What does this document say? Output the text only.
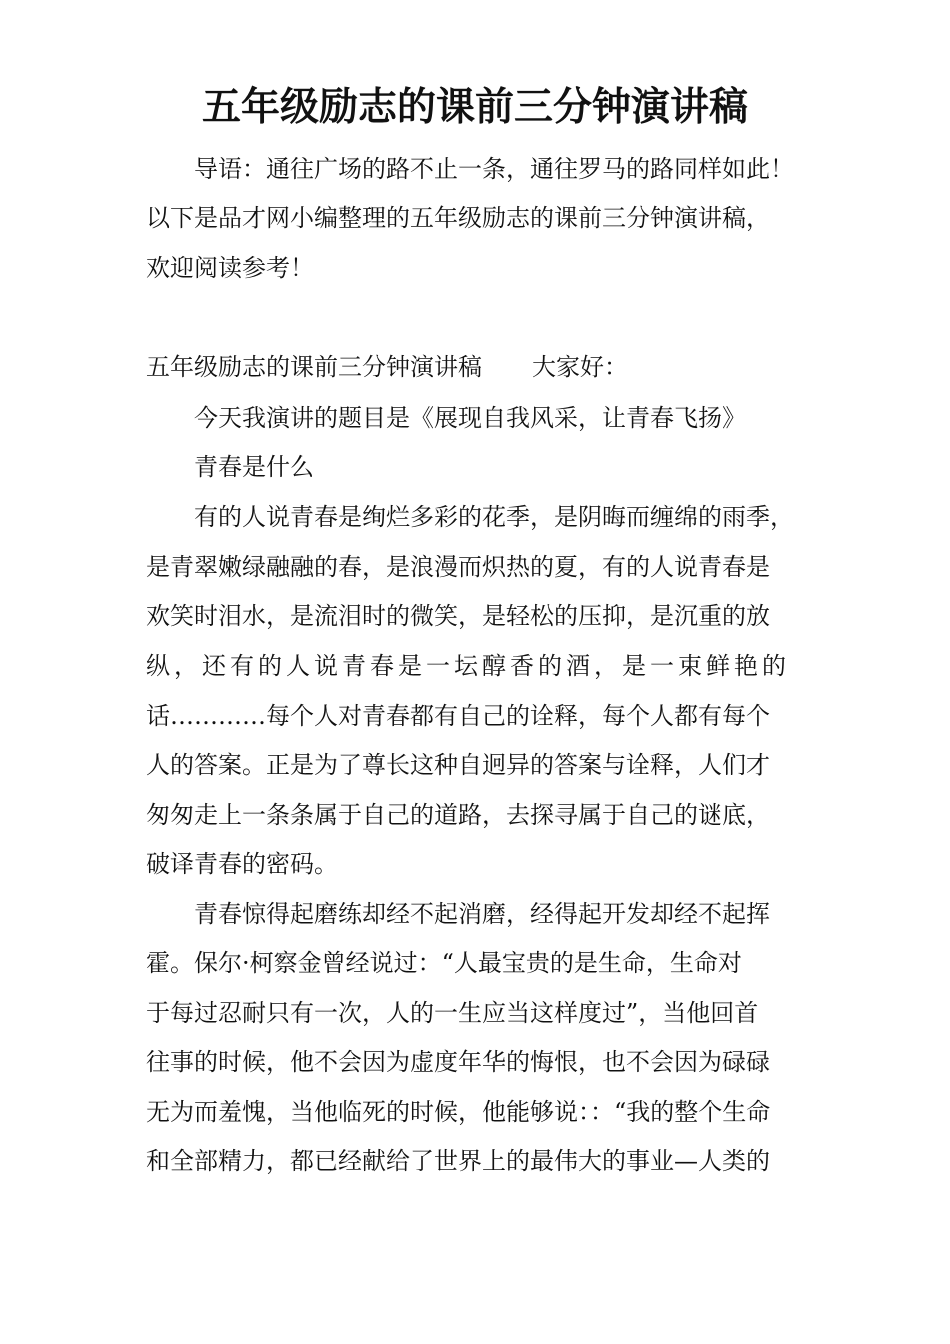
五年级励志的课前三分钟演讲稿
导语：通往广场的路不止一条，通往罗马的路同样如此！
以下是品才网小编整理的五年级励志的课前三分钟演讲稿，
欢迎阅读参考！
五年级励志的课前三分钟演讲稿 大家好：
今天我演讲的题目是《展现自我风采，让青春飞扬》
青春是什么
有的人说青春是绚烂多彩的花季，是阴晦而缠绵的雨季，
是青翠嫩绿融融的春，是浪漫而炽热的夏，有的人说青春是
欢笑时泪水，是流泪时的微笑，是轻松的压抑，是沉重的放
纵，还有的人说青春是一坛醇香的酒，是一束鲜艳的
话…………每个人对青春都有自己的诠释，每个人都有每个
人的答案。正是为了尊长这种自迥异的答案与诠释，人们才
匆匆走上一条条属于自己的道路，去探寻属于自己的谜底，
破译青春的密码。
青春惊得起磨练却经不起消磨，经得起开发却经不起挥
霍。保尔·柯察金曾经说过：“人最宝贵的是生命，生命对
于每过忍耐只有一次，人的一生应当这样度过”，当他回首
往事的时候，他不会因为虚度年华的悔恨，也不会因为碌碌
无为而羞愧，当他临死的时候，他能够说：：“我的整个生命
和全部精力，都已经献给了世界上的最伟大的事业—人类的
